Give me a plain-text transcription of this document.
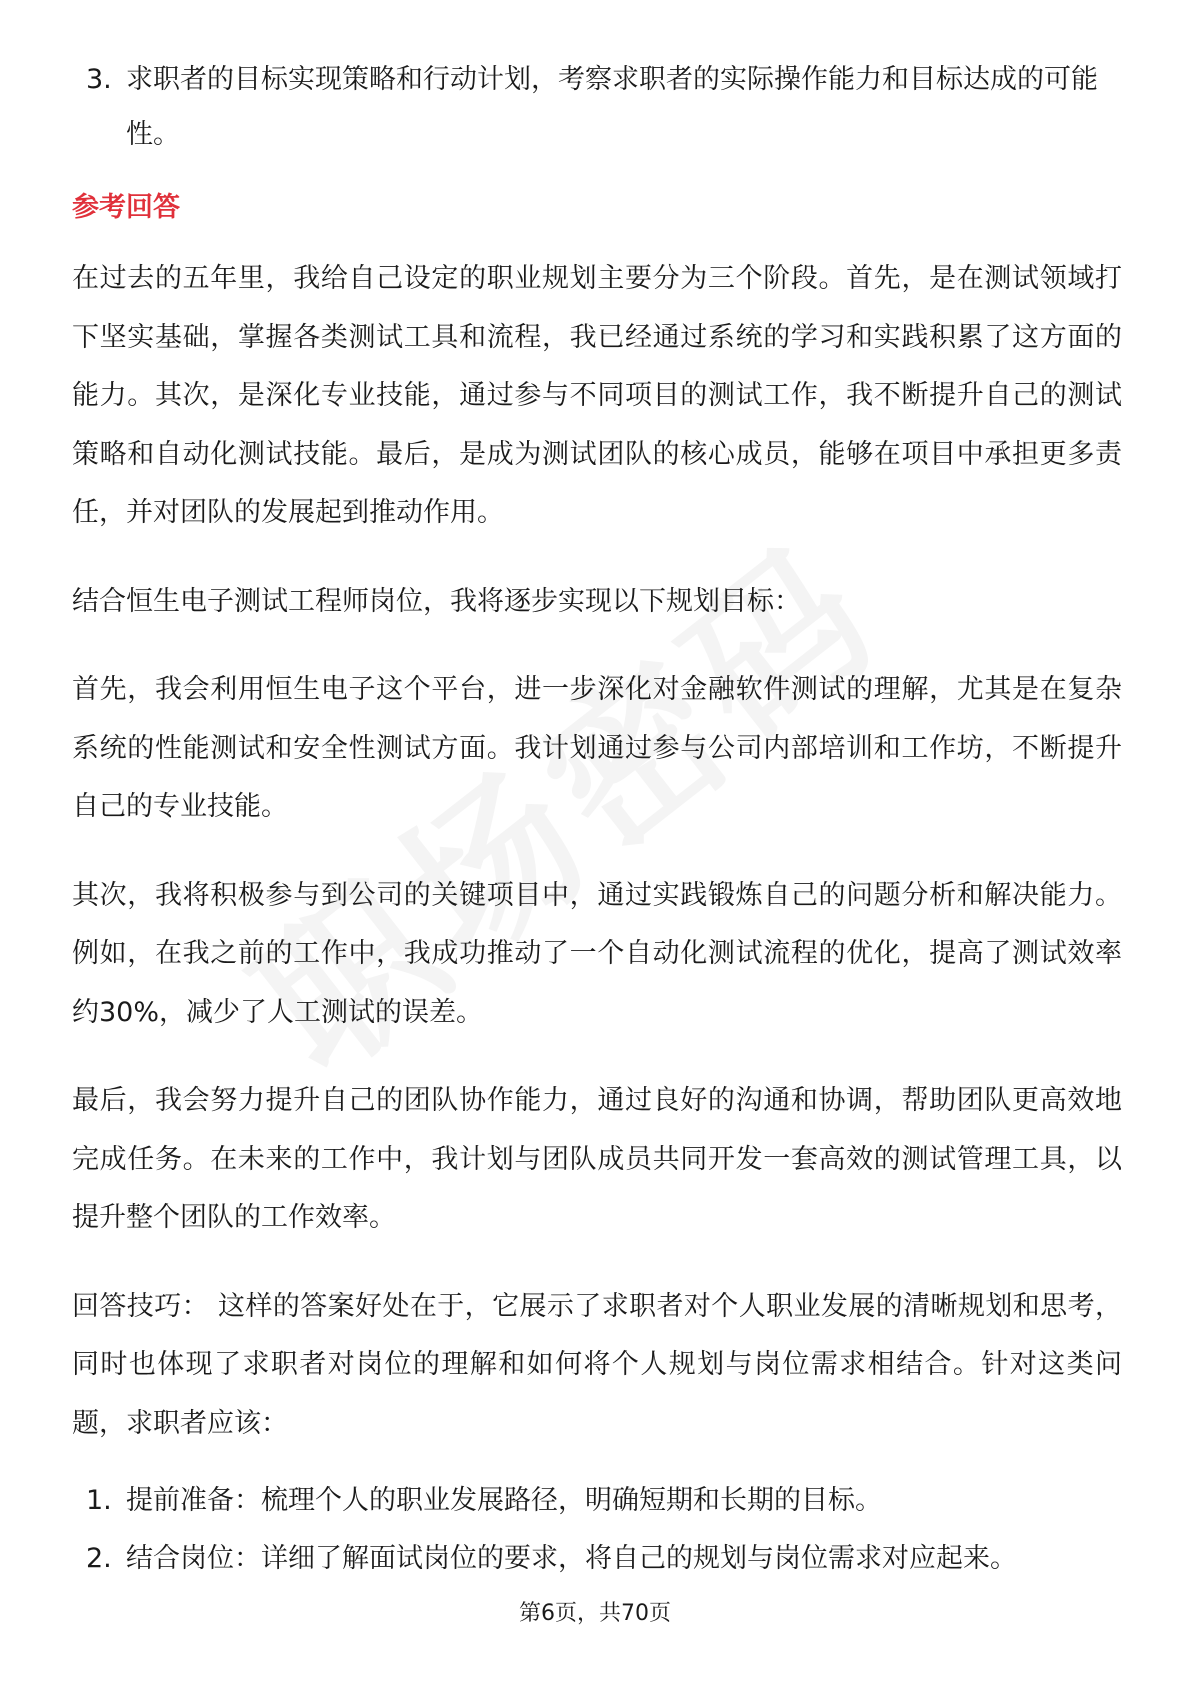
3. 求职者的目标实现策略和行动计划，考察求职者的实际操作能力和目标达成的可能性。

参考回答

在过去的五年里，我给自己设定的职业规划主要分为三个阶段。首先，是在测试领域打下坚实基础，掌握各类测试工具和流程，我已经通过系统的学习和实践积累了这方面的能力。其次，是深化专业技能，通过参与不同项目的测试工作，我不断提升自己的测试策略和自动化测试技能。最后，是成为测试团队的核心成员，能够在项目中承担更多责任，并对团队的发展起到推动作用。

结合恒生电子测试工程师岗位，我将逐步实现以下规划目标：

首先，我会利用恒生电子这个平台，进一步深化对金融软件测试的理解，尤其是在复杂系统的性能测试和安全性测试方面。我计划通过参与公司内部培训和工作坊，不断提升自己的专业技能。

其次，我将积极参与到公司的关键项目中，通过实践锻炼自己的问题分析和解决能力。例如，在我之前的工作中，我成功推动了一个自动化测试流程的优化，提高了测试效率约30%，减少了人工测试的误差。

最后，我会努力提升自己的团队协作能力，通过良好的沟通和协调，帮助团队更高效地完成任务。在未来的工作中，我计划与团队成员共同开发一套高效的测试管理工具，以提升整个团队的工作效率。

回答技巧： 这样的答案好处在于，它展示了求职者对个人职业发展的清晰规划和思考，同时也体现了求职者对岗位的理解和如何将个人规划与岗位需求相结合。针对这类问题，求职者应该：

1. 提前准备：梳理个人的职业发展路径，明确短期和长期的目标。

2. 结合岗位：详细了解面试岗位的要求，将自己的规划与岗位需求对应起来。

第6页，共70页
